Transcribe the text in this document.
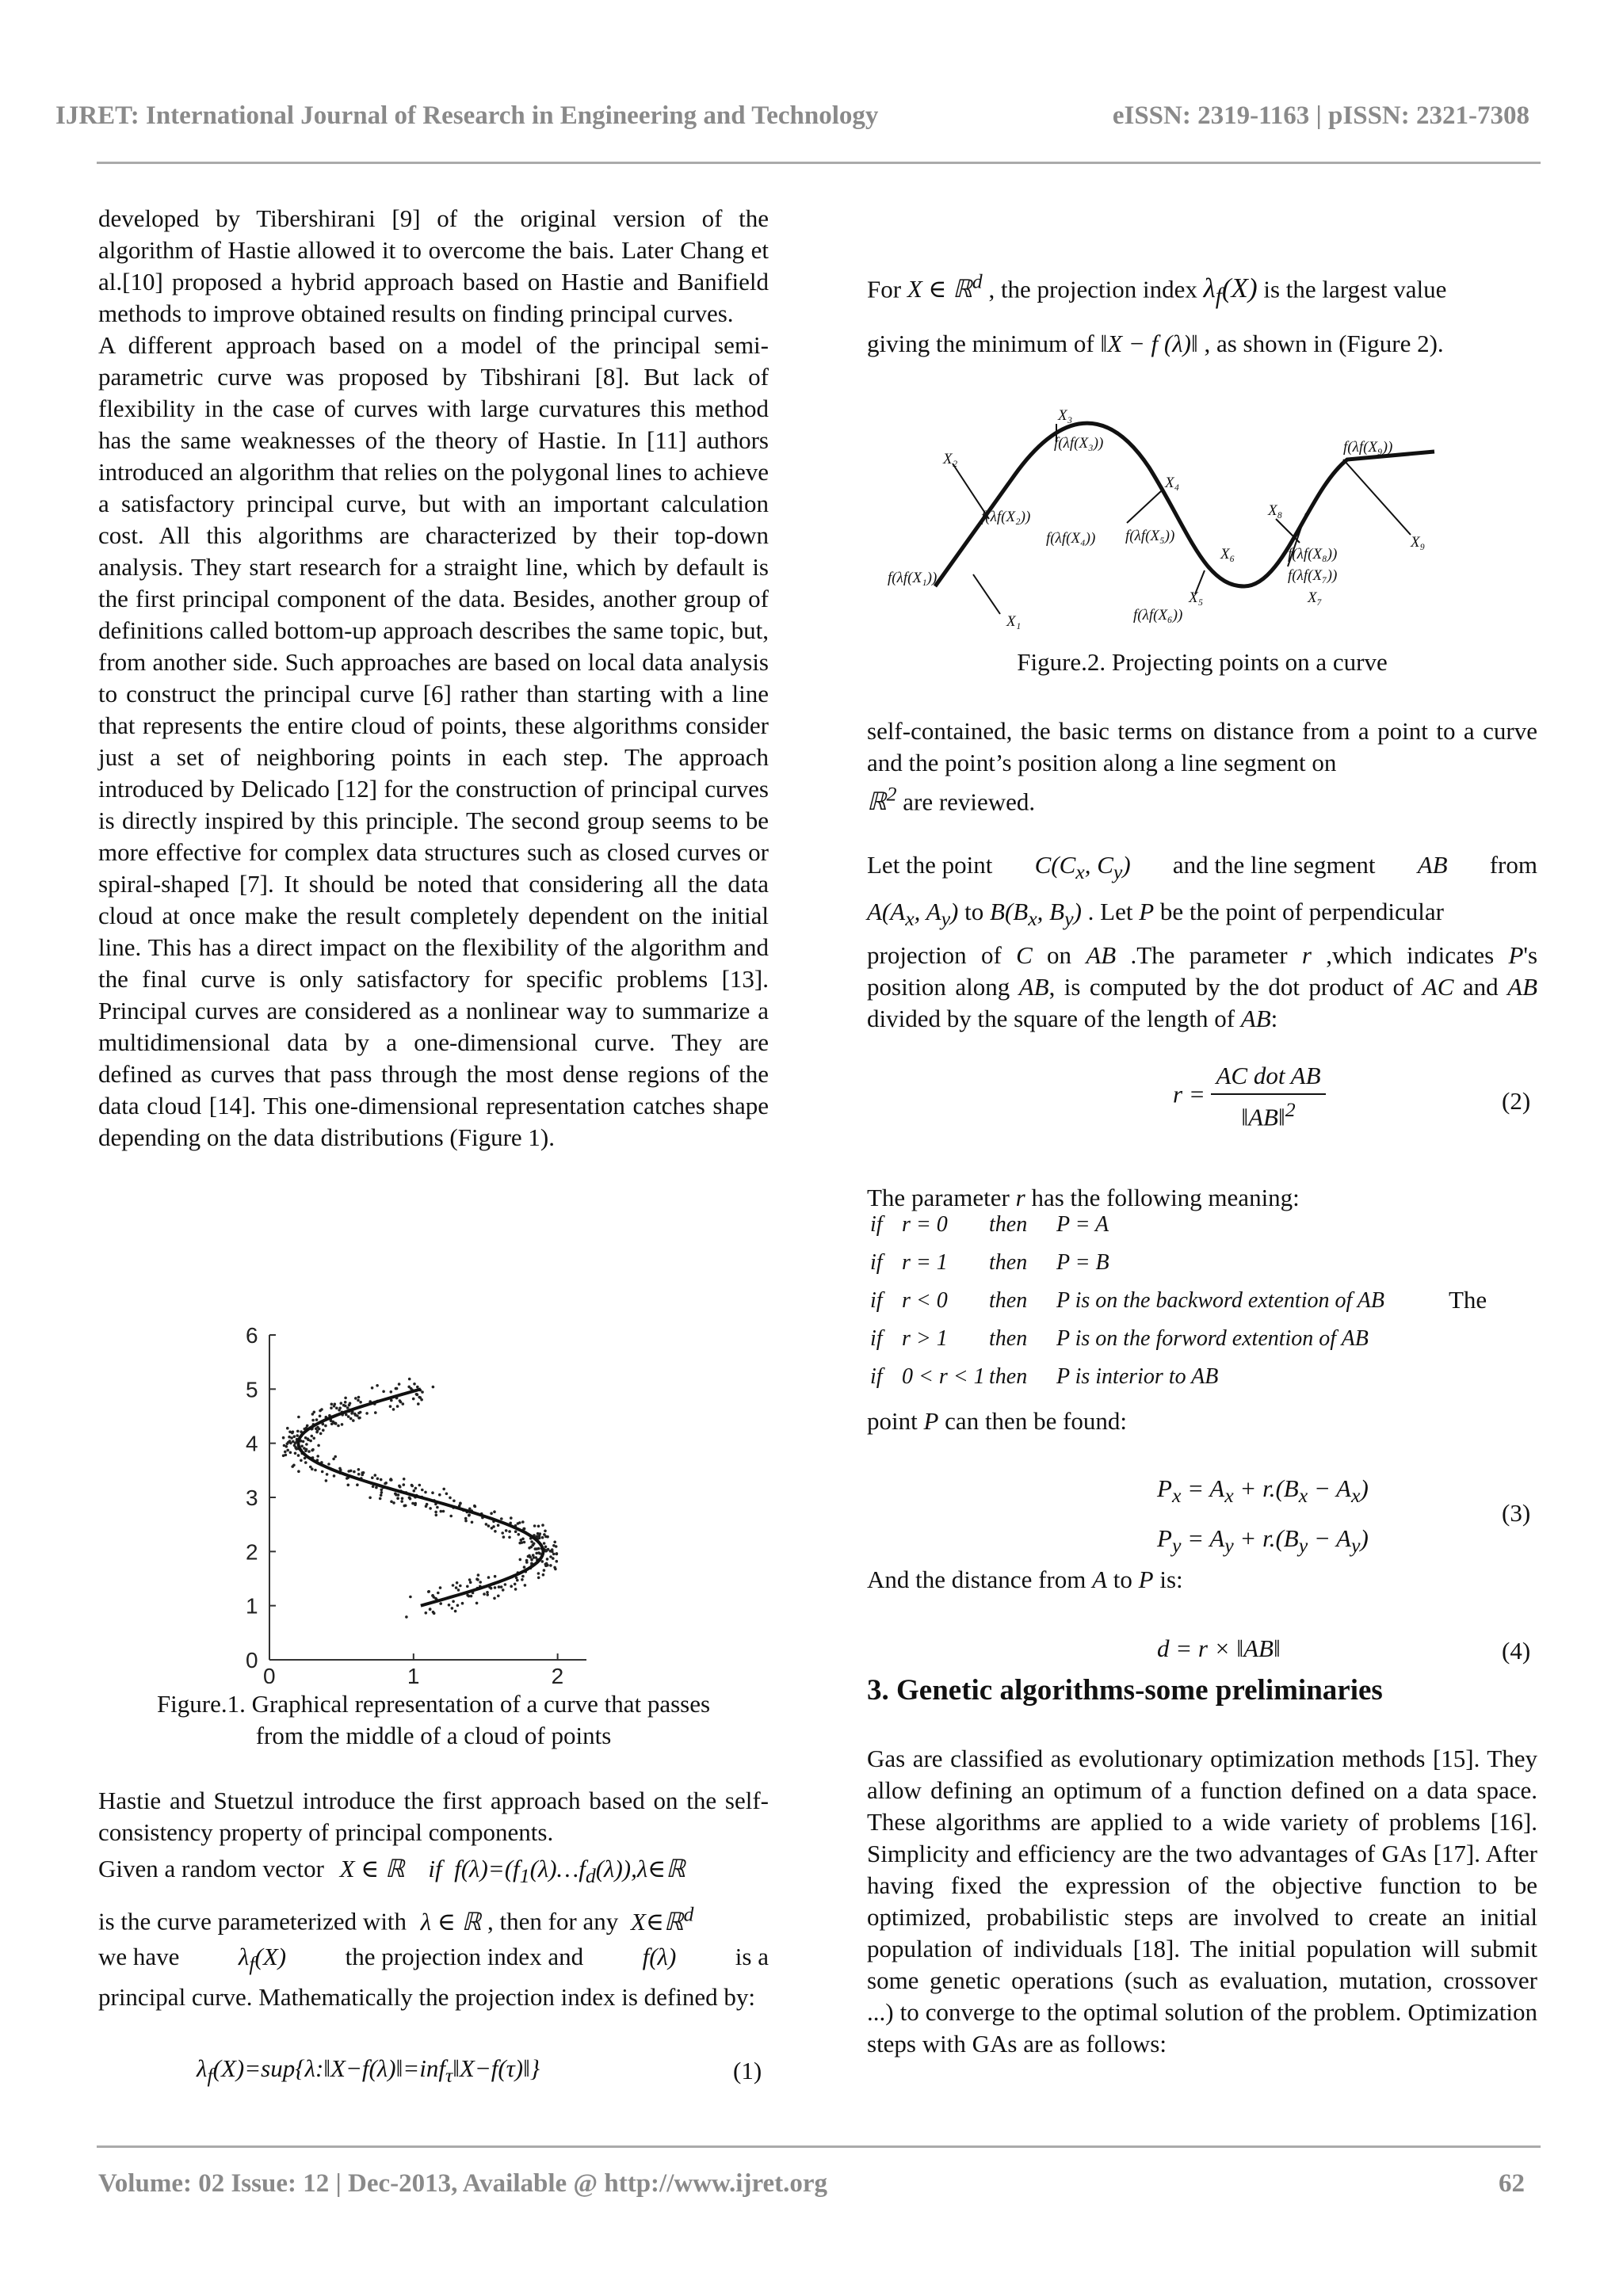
IJRET: International Journal of Research in Engineering and Technology	eISSN: 2319-1163 | pISSN: 2321-7308

developed by Tibershirani [9] of the original version of the algorithm of Hastie allowed it to overcome the bais. Later Chang et al.[10] proposed a hybrid approach based on Hastie and Banifield methods to improve obtained results on finding principal curves.

A different approach based on a model of the principal semi-parametric curve was proposed by Tibshirani [8]. But lack of flexibility in the case of curves with large curvatures this method has the same weaknesses of the theory of Hastie. In [11] authors introduced an algorithm that relies on the polygonal lines to achieve a satisfactory principal curve, but with an important calculation cost. All this algorithms are characterized by their top-down analysis. They start research for a straight line, which by default is the first principal component of the data. Besides, another group of definitions called bottom-up approach describes the same topic, but, from another side. Such approaches are based on local data analysis to construct the principal curve [6] rather than starting with a line that represents the entire cloud of points, these algorithms consider just a set of neighboring points in each step. The approach introduced by Delicado [12] for the construction of principal curves is directly inspired by this principle. The second group seems to be more effective for complex data structures such as closed curves or spiral-shaped [7]. It should be noted that considering all the data cloud at once make the result completely dependent on the initial line. This has a direct impact on the flexibility of the algorithm and the final curve is only satisfactory for specific problems [13]. Principal curves are considered as a nonlinear way to summarize a multidimensional data by a one-dimensional curve. They are defined as curves that pass through the most dense regions of the data cloud [14]. This one-dimensional representation catches shape depending on the data distributions (Figure 1).

6
5
4
3
2
1
0
0	1	2
Figure.1. Graphical representation of a curve that passes
from the middle of a cloud of points

Hastie and Stuetzul introduce the first approach based on the self-consistency property of principal components.

Given a random vector X ∈ ℝ if  $f(\lambda)=(f_1(\lambda)\dots f_d(\lambda)),\lambda\in ℝ$
is the curve parameterized with λ ∈ ℝ , then for any X∈ℝ$^d$
we have $\lambda_f(X)$ the projection index and f(λ) is a
principal curve. Mathematically the projection index is defined by:
$\lambda_f(X)=sup\{\lambda:‖X-f(\lambda)‖=inf_\tau‖X-f(\tau)‖\}$	(1)
For X ∈ ℝ$^d$ , the projection index $\lambda_f(X)$ is the largest value
giving the minimum of ‖X − f (λ)‖ , as shown in (Figure 2).
X₃
f(λf(X₃))
X₂
X₄
X₈
f(λf(X₉))
f(λf(X₂))
X₉
f(λf(X₁))
f(λf(X₄)) f(λf(X₅))
X₆	f(λf(X₈))
f(λf(X₇))
X₁
X₅
f(λf(X₆))
X₇
Figure.2. Projecting points on a curve

self-contained, the basic terms on distance from a point to a curve and the point’s position along a line segment on

ℝ$^2$ are reviewed.

Let the point $C(C_x$, $C_y$) and the line segment AB from
$A(A_x$, $A_y$) to $B(B_x$, $B_y$) . Let P be the point of perpendicular
projection of C on AB .The parameter r ,which indicates P's position along AB, is computed by the dot product of AC and AB divided by the square of the length of AB:
$r = \frac{\text{AC dot AB}}{‖AB‖^2}$	(2)
The parameter r has the following meaning:
if r = 0 then P = A
if r = 1 then P = B
if r < 0 then P is on the backword extention of AB
if r > 1 then P is on the forword extention of AB
if 0 < r < 1 then P is interior to AB
The
point P can then be found:
$P_x = A_x + r.(B_x - A_x)$
$P_y = A_y + r.(B_y - A_y)$
(3)
And the distance from A to P is:
d = r × ‖AB‖	(4)
3. Genetic algorithms-some preliminaries

Gas are classified as evolutionary optimization methods [15]. They allow defining an optimum of a function defined on a data space. These algorithms are applied to a wide variety of problems [16]. Simplicity and efficiency are the two advantages of GAs [17]. After having fixed the expression of the objective function to be optimized, probabilistic steps are involved to create an initial population of individuals [18]. The initial population will submit some genetic operations (such as evaluation, mutation, crossover ...) to converge to the optimal solution of the problem. Optimization steps with GAs are as follows:

Volume: 02 Issue: 12 | Dec-2013, Available @ http://www.ijret.org	62
